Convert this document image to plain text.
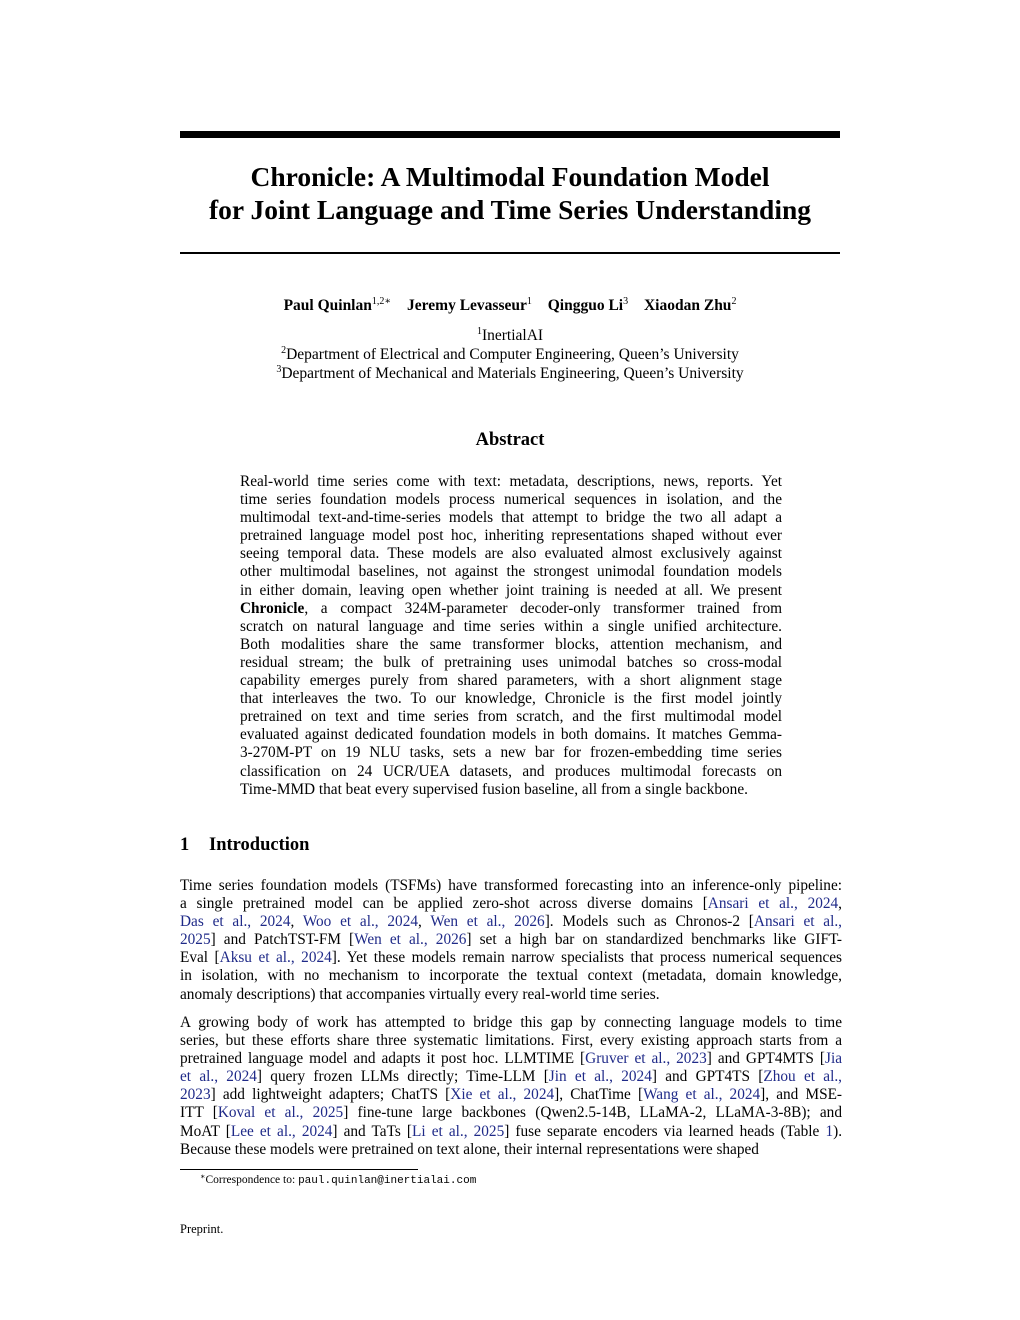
Chronicle: A Multimodal Foundation Model
for Joint Language and Time Series Understanding
Paul Quinlan$^{1,2∗}$ Jeremy Levasseur$^1$ Qingguo Li$^3$ Xiaodan Zhu$^2$
$^1$InertialAI
$^2$Department of Electrical and Computer Engineering, Queen’s University
$^3$Department of Mechanical and Materials Engineering, Queen’s University
Abstract
Real-world time series come with text: metadata, descriptions, news, reports. Yet
time series foundation models process numerical sequences in isolation, and the
multimodal text-and-time-series models that attempt to bridge the two all adapt a
pretrained language model post hoc, inheriting representations shaped without ever
seeing temporal data. These models are also evaluated almost exclusively against
other multimodal baselines, not against the strongest unimodal foundation models
in either domain, leaving open whether joint training is needed at all. We present
Chronicle, a compact 324M-parameter decoder-only transformer trained from
scratch on natural language and time series within a single unified architecture.
Both modalities share the same transformer blocks, attention mechanism, and
residual stream; the bulk of pretraining uses unimodal batches so cross-modal
capability emerges purely from shared parameters, with a short alignment stage
that interleaves the two. To our knowledge, Chronicle is the first model jointly
pretrained on text and time series from scratch, and the first multimodal model
evaluated against dedicated foundation models in both domains. It matches Gemma-
3-270M-PT on 19 NLU tasks, sets a new bar for frozen-embedding time series
classification on 24 UCR/UEA datasets, and produces multimodal forecasts on
Time-MMD that beat every supervised fusion baseline, all from a single backbone.
1 Introduction
Time series foundation models (TSFMs) have transformed forecasting into an inference-only pipeline:
a single pretrained model can be applied zero-shot across diverse domains [Ansari et al., 2024,
Das et al., 2024, Woo et al., 2024, Wen et al., 2026]. Models such as Chronos-2 [Ansari et al.,
2025] and PatchTST-FM [Wen et al., 2026] set a high bar on standardized benchmarks like GIFT-
Eval [Aksu et al., 2024]. Yet these models remain narrow specialists that process numerical sequences
in isolation, with no mechanism to incorporate the textual context (metadata, domain knowledge,
anomaly descriptions) that accompanies virtually every real-world time series.
A growing body of work has attempted to bridge this gap by connecting language models to time
series, but these efforts share three systematic limitations. First, every existing approach starts from a
pretrained language model and adapts it post hoc. LLMTIME [Gruver et al., 2023] and GPT4MTS [Jia
et al., 2024] query frozen LLMs directly; Time-LLM [Jin et al., 2024] and GPT4TS [Zhou et al.,
2023] add lightweight adapters; ChatTS [Xie et al., 2024], ChatTime [Wang et al., 2024], and MSE-
ITT [Koval et al., 2025] fine-tune large backbones (Qwen2.5-14B, LLaMA-2, LLaMA-3-8B); and
MoAT [Lee et al., 2024] and TaTs [Li et al., 2025] fuse separate encoders via learned heads (Table 1).
Because these models were pretrained on text alone, their internal representations were shaped
∗Correspondence to: paul.quinlan@inertialai.com
Preprint.
